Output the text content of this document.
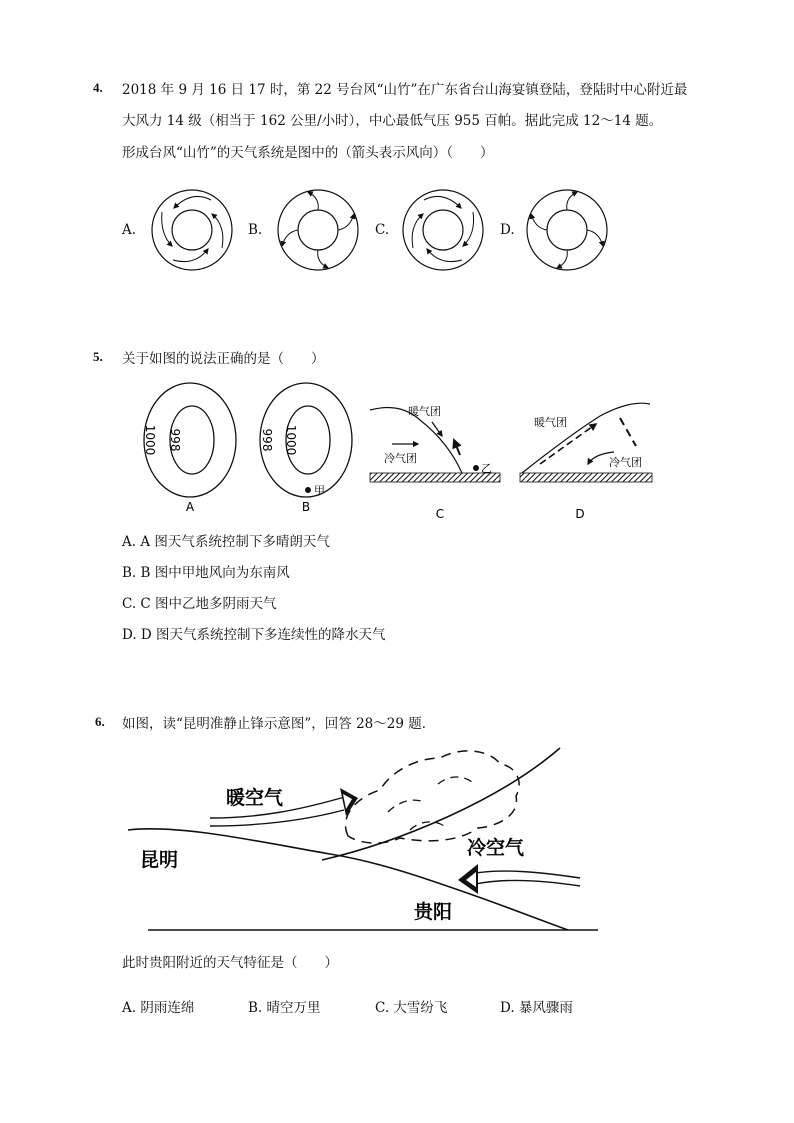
4. 2018 年 9 月 16 日 17 时，第 22 号台风“山竹”在广东省台山海宴镇登陆，登陆时中心附近最
大风力 14 级（相当于 162 公里/小时），中心最低气压 955 百帕。据此完成 12～14 题。
形成台风“山竹”的天气系统是图中的（箭头表示风向）（　　）
A.	B.	C.	D.
5. 关于如图的说法正确的是（　　）
1000 998
A
998 1000
甲
B
暖气团
冷气团
乙
C
暖气团
冷气团
D
A. A 图天气系统控制下多晴朗天气
B. B 图中甲地风向为东南风
C. C 图中乙地多阴雨天气
D. D 图天气系统控制下多连续性的降水天气
6. 如图，读“昆明准静止锋示意图”，回答 28～29 题．
暖空气
冷空气
昆明
贵阳
此时贵阳附近的天气特征是（　　）
A. 阴雨连绵	B. 晴空万里	C. 大雪纷飞	D. 暴风骤雨
